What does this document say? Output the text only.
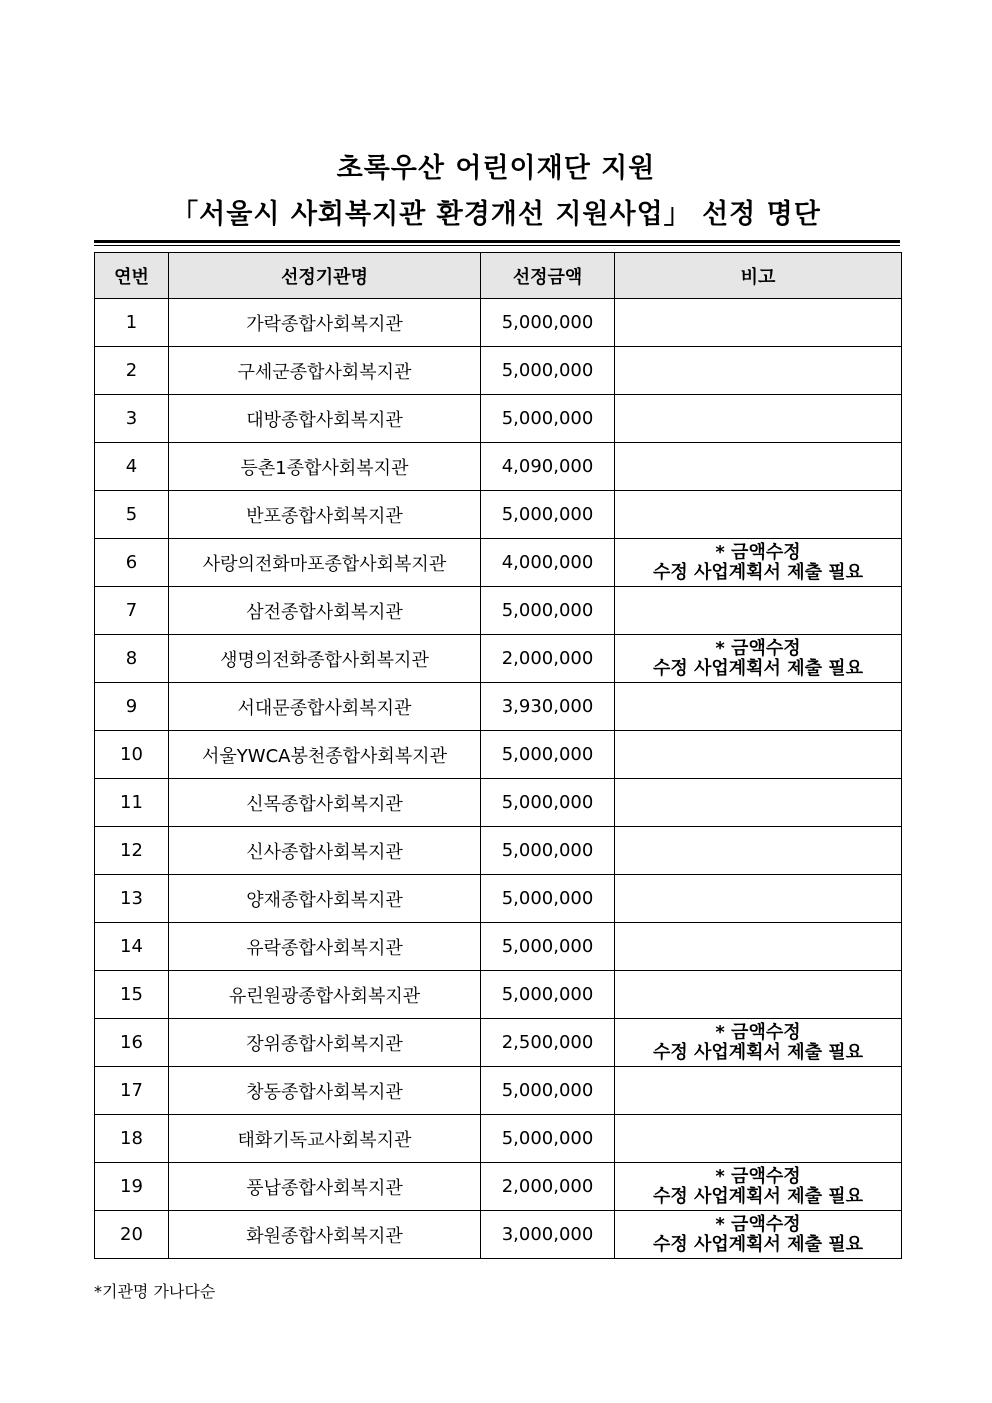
초록우산 어린이재단 지원
「서울시 사회복지관 환경개선 지원사업」 선정 명단
연번	선정기관명	선정금액	비고
1	가락종합사회복지관	5,000,000	
2	구세군종합사회복지관	5,000,000	
3	대방종합사회복지관	5,000,000	
4	등촌1종합사회복지관	4,090,000	
5	반포종합사회복지관	5,000,000	
6	사랑의전화마포종합사회복지관	4,000,000	* 금액수정
수정 사업계획서 제출 필요

7	삼전종합사회복지관	5,000,000	
8	생명의전화종합사회복지관	2,000,000	* 금액수정
수정 사업계획서 제출 필요

9	서대문종합사회복지관	3,930,000	
10	서울YWCA봉천종합사회복지관	5,000,000	
11	신목종합사회복지관	5,000,000	
12	신사종합사회복지관	5,000,000	
13	양재종합사회복지관	5,000,000	
14	유락종합사회복지관	5,000,000	
15	유린원광종합사회복지관	5,000,000	
16	장위종합사회복지관	2,500,000	* 금액수정
수정 사업계획서 제출 필요

17	창동종합사회복지관	5,000,000	
18	태화기독교사회복지관	5,000,000	
19	풍납종합사회복지관	2,000,000	* 금액수정
수정 사업계획서 제출 필요

20	화원종합사회복지관	3,000,000	* 금액수정
수정 사업계획서 제출 필요
*기관명 가나다순
